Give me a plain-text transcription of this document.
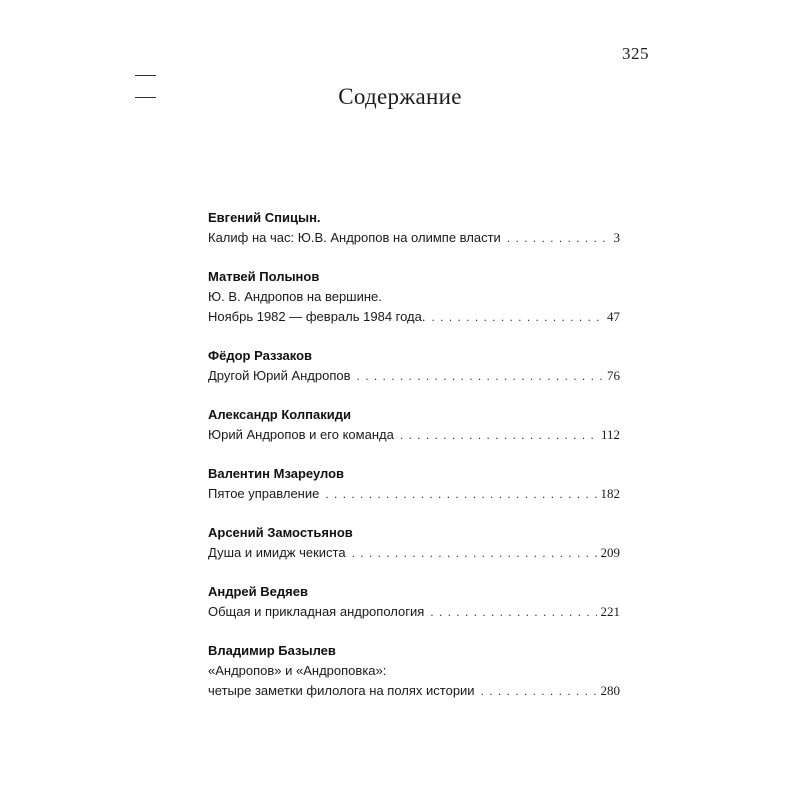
325
Содержание
Евгений Спицын.
Калиф на час: Ю.В. Андропов на олимпе власти . . .	3
Матвей Полынов
Ю. В. Андропов на вершине.
Ноябрь 1982 — февраль 1984 года. . . .	47
Фёдор Раззаков
Другой Юрий Андропов . . .	76
Александр Колпакиди
Юрий Андропов и его команда . . .	112
Валентин Мзареулов
Пятое управление . . .	182
Арсений Замостьянов
Душа и имидж чекиста . . .	209
Андрей Ведяев
Общая и прикладная андропология . . .	221
Владимир Базылев
«Андропов» и «Андроповка»:
четыре заметки филолога на полях истории . . .	280
